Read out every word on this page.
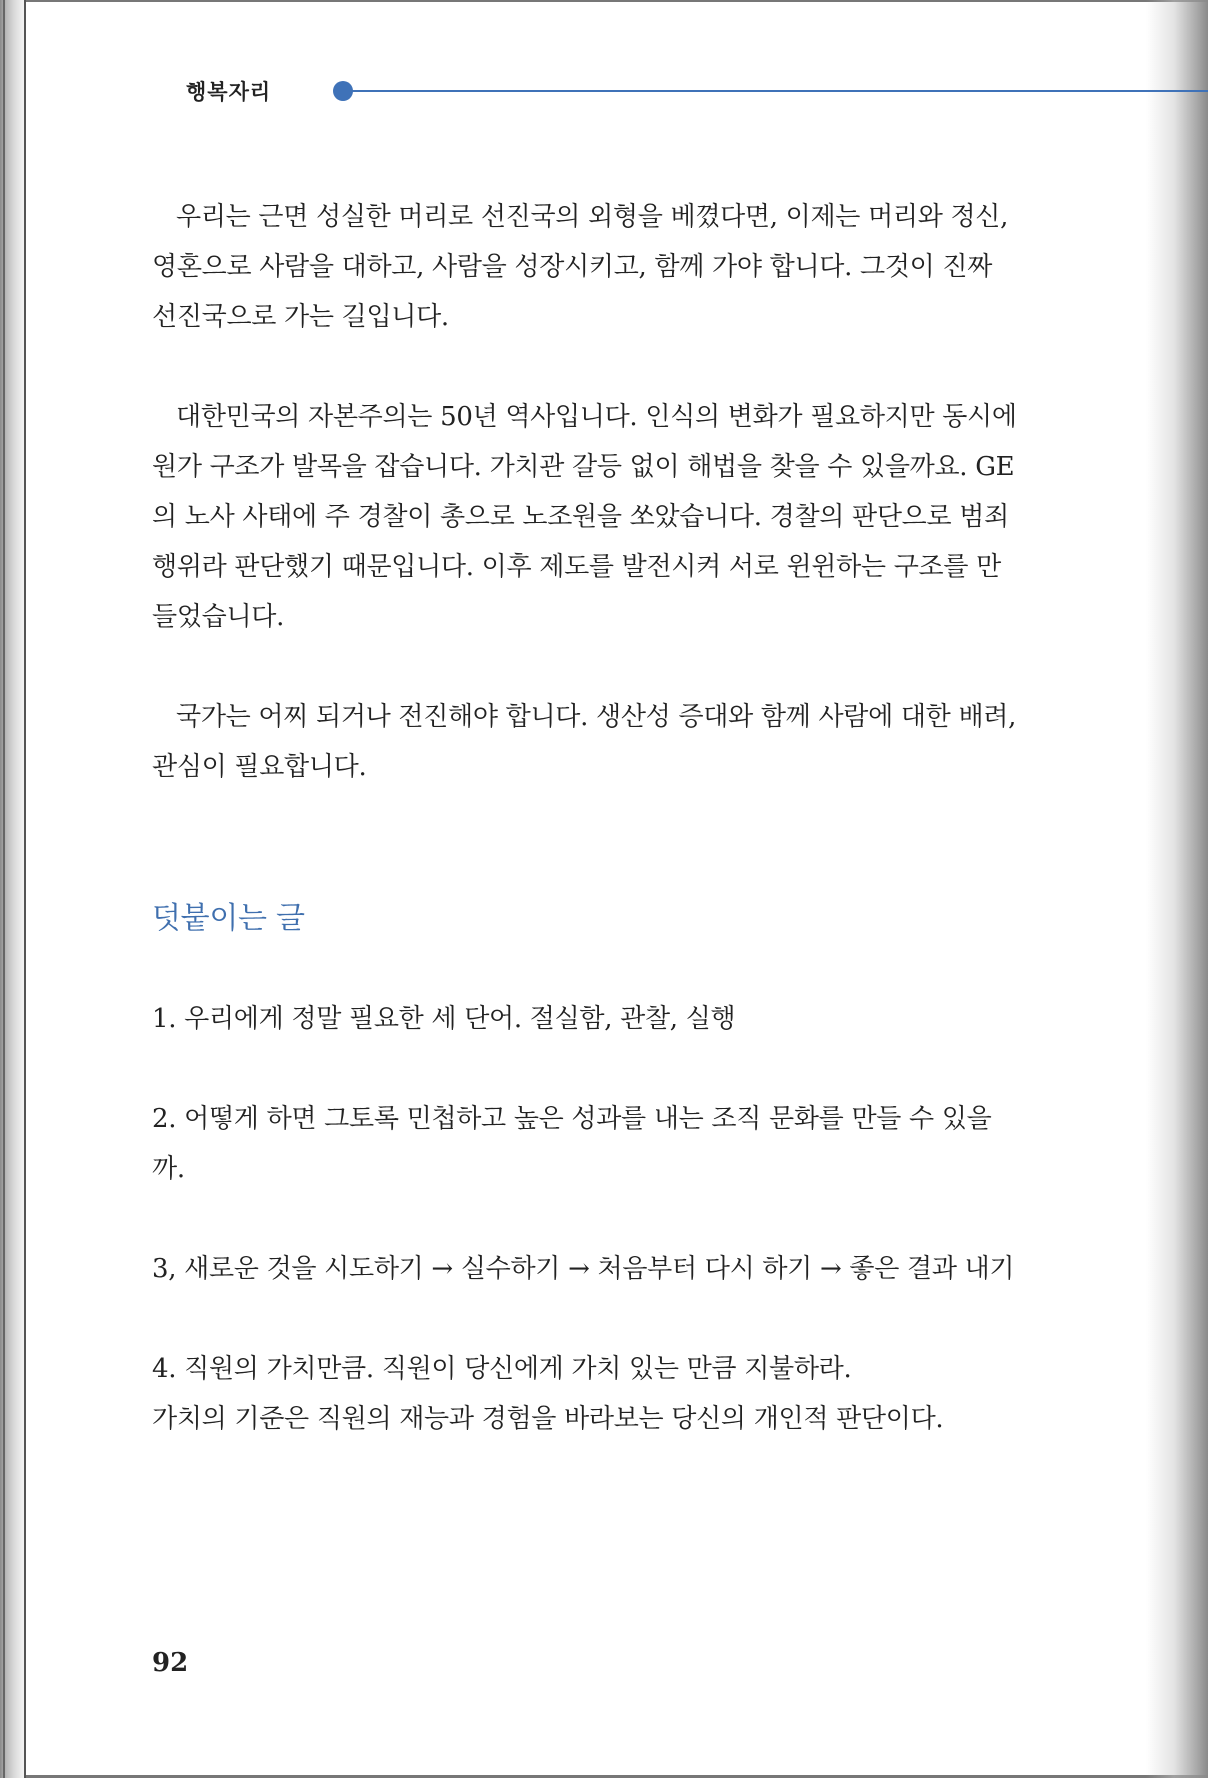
행복자리

우리는 근면 성실한 머리로 선진국의 외형을 베꼈다면, 이제는 머리와 정신, 영혼으로 사람을 대하고, 사람을 성장시키고, 함께 가야 합니다. 그것이 진짜 선진국으로 가는 길입니다.

대한민국의 자본주의는 50년 역사입니다. 인식의 변화가 필요하지만 동시에 원가 구조가 발목을 잡습니다. 가치관 갈등 없이 해법을 찾을 수 있을까요. GE의 노사 사태에 주 경찰이 총으로 노조원을 쏘았습니다. 경찰의 판단으로 범죄 행위라 판단했기 때문입니다. 이후 제도를 발전시켜 서로 윈윈하는 구조를 만들었습니다.

국가는 어찌 되거나 전진해야 합니다. 생산성 증대와 함께 사람에 대한 배려, 관심이 필요합니다.

덧붙이는 글

1. 우리에게 정말 필요한 세 단어. 절실함, 관찰, 실행

2. 어떻게 하면 그토록 민첩하고 높은 성과를 내는 조직 문화를 만들 수 있을까.

3, 새로운 것을 시도하기 → 실수하기 → 처음부터 다시 하기 → 좋은 결과 내기

4. 직원의 가치만큼. 직원이 당신에게 가치 있는 만큼 지불하라.
가치의 기준은 직원의 재능과 경험을 바라보는 당신의 개인적 판단이다.

92
